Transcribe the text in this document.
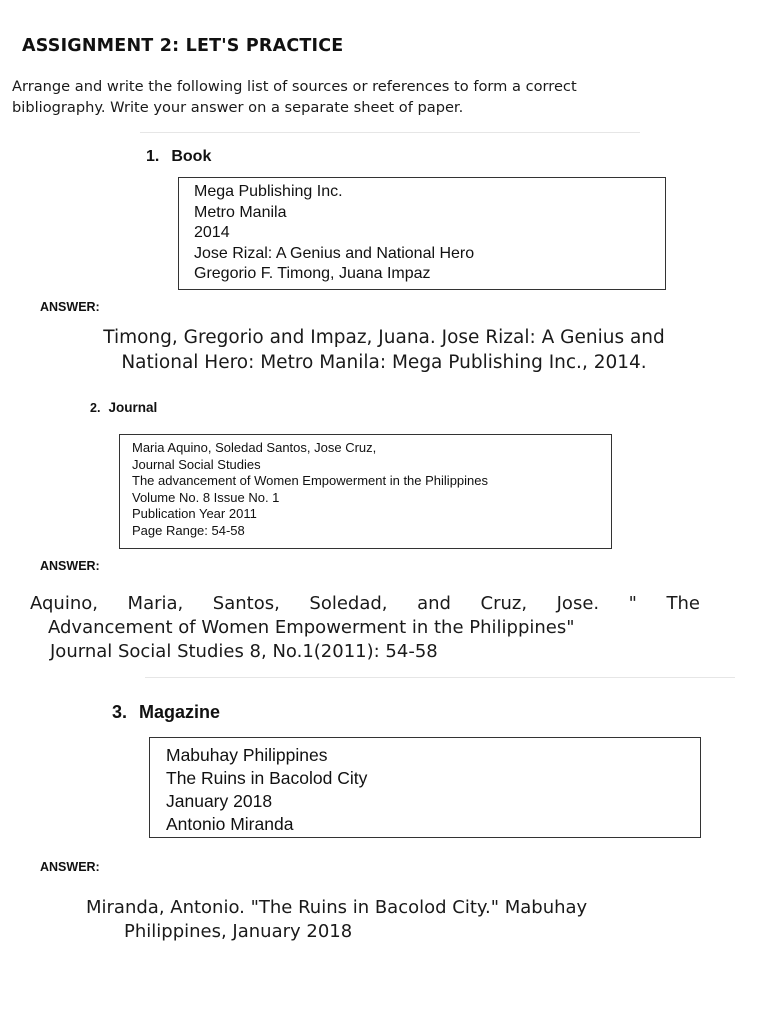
ASSIGNMENT 2: LET'S PRACTICE
Arrange and write the following list of sources or references to form a correct
bibliography. Write your answer on a separate sheet of paper.
1. Book
Mega Publishing Inc.
Metro Manila
2014
Jose Rizal: A Genius and National Hero
Gregorio F. Timong, Juana Impaz
ANSWER:
Timong, Gregorio and Impaz, Juana. Jose Rizal: A Genius and
National Hero: Metro Manila: Mega Publishing Inc., 2014.
2. Journal
Maria Aquino, Soledad Santos, Jose Cruz,
Journal Social Studies
The advancement of Women Empowerment in the Philippines
Volume No. 8 Issue No. 1
Publication Year 2011
Page Range: 54-58
ANSWER:
Aquino, Maria, Santos, Soledad, and Cruz, Jose. " The
Advancement of Women Empowerment in the Philippines"
Journal Social Studies 8, No.1(2011): 54-58
3. Magazine
Mabuhay Philippines
The Ruins in Bacolod City
January 2018
Antonio Miranda
ANSWER:
Miranda, Antonio. "The Ruins in Bacolod City." Mabuhay
Philippines, January 2018
